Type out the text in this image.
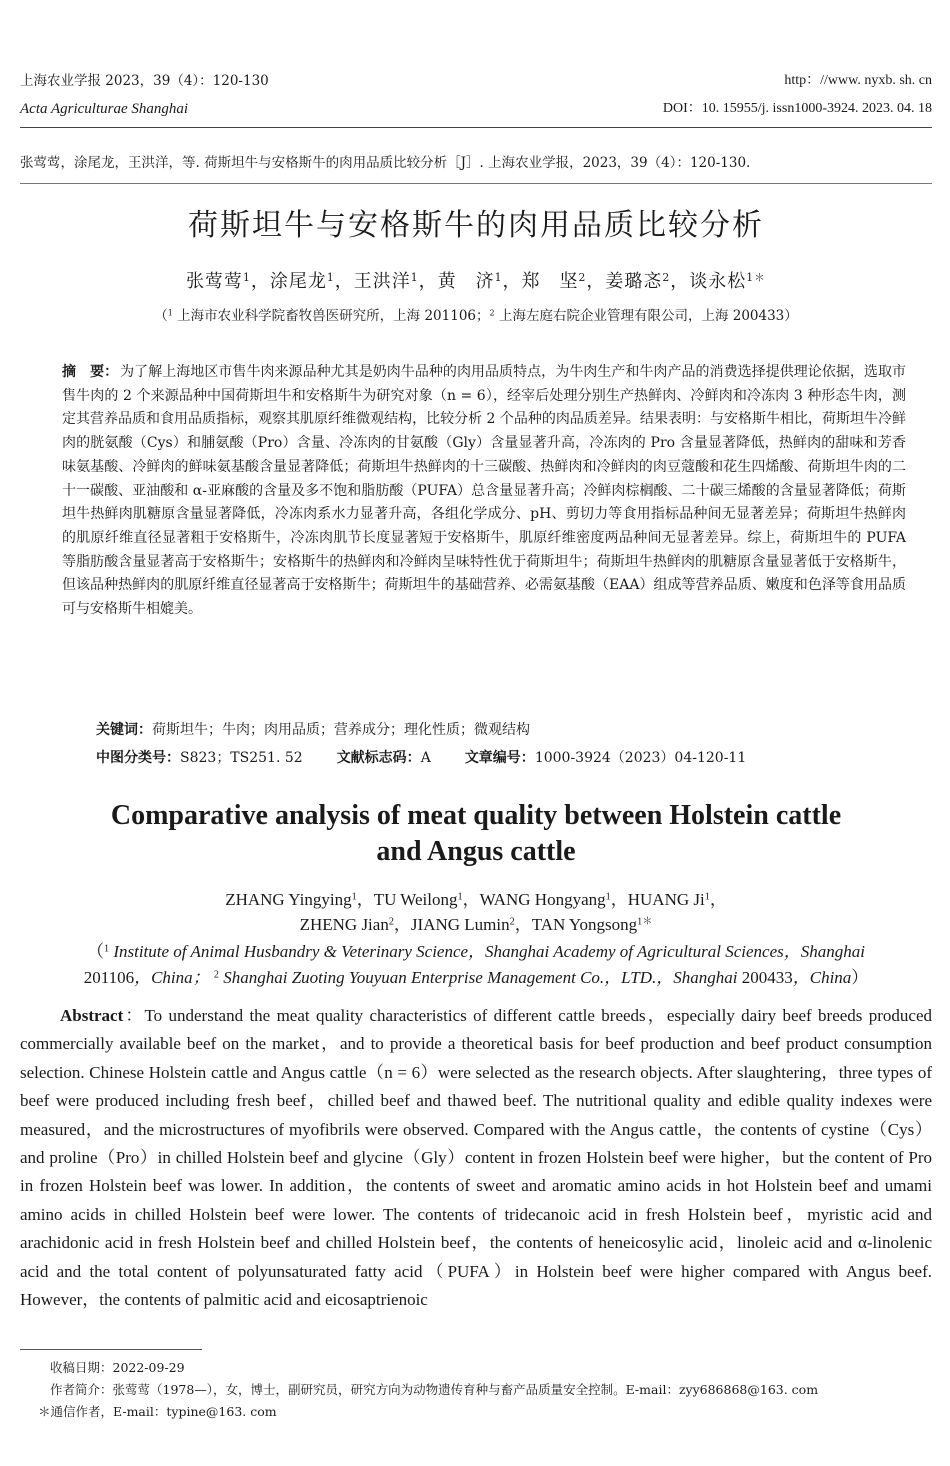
上海农业学报 2023，39（4）：120-130	http：//www. nyxb. sh. cn
Acta Agriculturae Shanghai	DOI：10. 15955/j. issn1000-3924. 2023. 04. 18
张莺莺，涂尾龙，王洪洋，等. 荷斯坦牛与安格斯牛的肉用品质比较分析［J］. 上海农业学报，2023，39（4）：120-130.
荷斯坦牛与安格斯牛的肉用品质比较分析
张莺莺$^1$，涂尾龙$^1$，王洪洋$^1$，黄　济$^1$，郑　坚$^2$，姜璐忞$^2$，谈永松$^{1*}$
（$^1$ 上海市农业科学院畜牧兽医研究所，上海 201106；$^2$ 上海左庭右院企业管理有限公司，上海 200433）
摘　要： 为了解上海地区市售牛肉来源品种尤其是奶肉牛品种的肉用品质特点，为牛肉生产和牛肉产品的消费选择提供理论依据，选取市售牛肉的 2 个来源品种中国荷斯坦牛和安格斯牛为研究对象（n = 6），经宰后处理分别生产热鲜肉、冷鲜肉和冷冻肉 3 种形态牛肉，测定其营养品质和食用品质指标，观察其肌原纤维微观结构，比较分析 2 个品种的肉品质差异。结果表明：与安格斯牛相比，荷斯坦牛冷鲜肉的胱氨酸（Cys）和脯氨酸（Pro）含量、冷冻肉的甘氨酸（Gly）含量显著升高，冷冻肉的 Pro 含量显著降低，热鲜肉的甜味和芳香味氨基酸、冷鲜肉的鲜味氨基酸含量显著降低；荷斯坦牛热鲜肉的十三碳酸、热鲜肉和冷鲜肉的肉豆蔻酸和花生四烯酸、荷斯坦牛肉的二十一碳酸、亚油酸和 α-亚麻酸的含量及多不饱和脂肪酸（PUFA）总含量显著升高；冷鲜肉棕榈酸、二十碳三烯酸的含量显著降低；荷斯坦牛热鲜肉肌糖原含量显著降低，冷冻肉系水力显著升高，各组化学成分、pH、剪切力等食用指标品种间无显著差异；荷斯坦牛热鲜肉的肌原纤维直径显著粗于安格斯牛，冷冻肉肌节长度显著短于安格斯牛，肌原纤维密度两品种间无显著差异。综上，荷斯坦牛的 PUFA 等脂肪酸含量显著高于安格斯牛；安格斯牛的热鲜肉和冷鲜肉呈味特性优于荷斯坦牛；荷斯坦牛热鲜肉的肌糖原含量显著低于安格斯牛，但该品种热鲜肉的肌原纤维直径显著高于安格斯牛；荷斯坦牛的基础营养、必需氨基酸（EAA）组成等营养品质、嫩度和色泽等食用品质可与安格斯牛相媲美。
关键词：荷斯坦牛；牛肉；肉用品质；营养成分；理化性质；微观结构
中图分类号：S823；TS251. 52 文献标志码：A 文章编号：1000-3924（2023）04-120-11
Comparative analysis of meat quality between Holstein cattle
and Angus cattle
ZHANG Yingying$^1$，TU Weilong$^1$，WANG Hongyang$^1$，HUANG Ji$^1$，
ZHENG Jian$^2$，JIANG Lumin$^2$，TAN Yongsong$^{1*}$
（$^1$ Institute of Animal Husbandry & Veterinary Science，Shanghai Academy of Agricultural Sciences，Shanghai
201106，China； $^2$ Shanghai Zuoting Youyuan Enterprise Management Co.，LTD.，Shanghai 200433，China）
Abstract：To understand the meat quality characteristics of different cattle breeds，especially dairy beef breeds produced commercially available beef on the market，and to provide a theoretical basis for beef production and beef product consumption selection. Chinese Holstein cattle and Angus cattle（n = 6）were selected as the research objects. After slaughtering，three types of beef were produced including fresh beef，chilled beef and thawed beef. The nutritional quality and edible quality indexes were measured，and the microstructures of myofibrils were observed. Compared with the Angus cattle，the contents of cystine（Cys）and proline（Pro）in chilled Holstein beef and glycine（Gly）content in frozen Holstein beef were higher，but the content of Pro in frozen Holstein beef was lower. In addition，the contents of sweet and aromatic amino acids in hot Holstein beef and umami amino acids in chilled Holstein beef were lower. The contents of tridecanoic acid in fresh Holstein beef，myristic acid and arachidonic acid in fresh Holstein beef and chilled Holstein beef，the contents of heneicosylic acid，linoleic acid and α-linolenic acid and the total content of polyunsaturated fatty acid（PUFA）in Holstein beef were higher compared with Angus beef. However，the contents of palmitic acid and eicosaptrienoic
收稿日期：2022-09-29
作者简介：张莺莺（1978—），女，博士，副研究员，研究方向为动物遗传育种与畜产品质量安全控制。E-mail：zyy686868@163. com
＊通信作者，E-mail：typine@163. com
